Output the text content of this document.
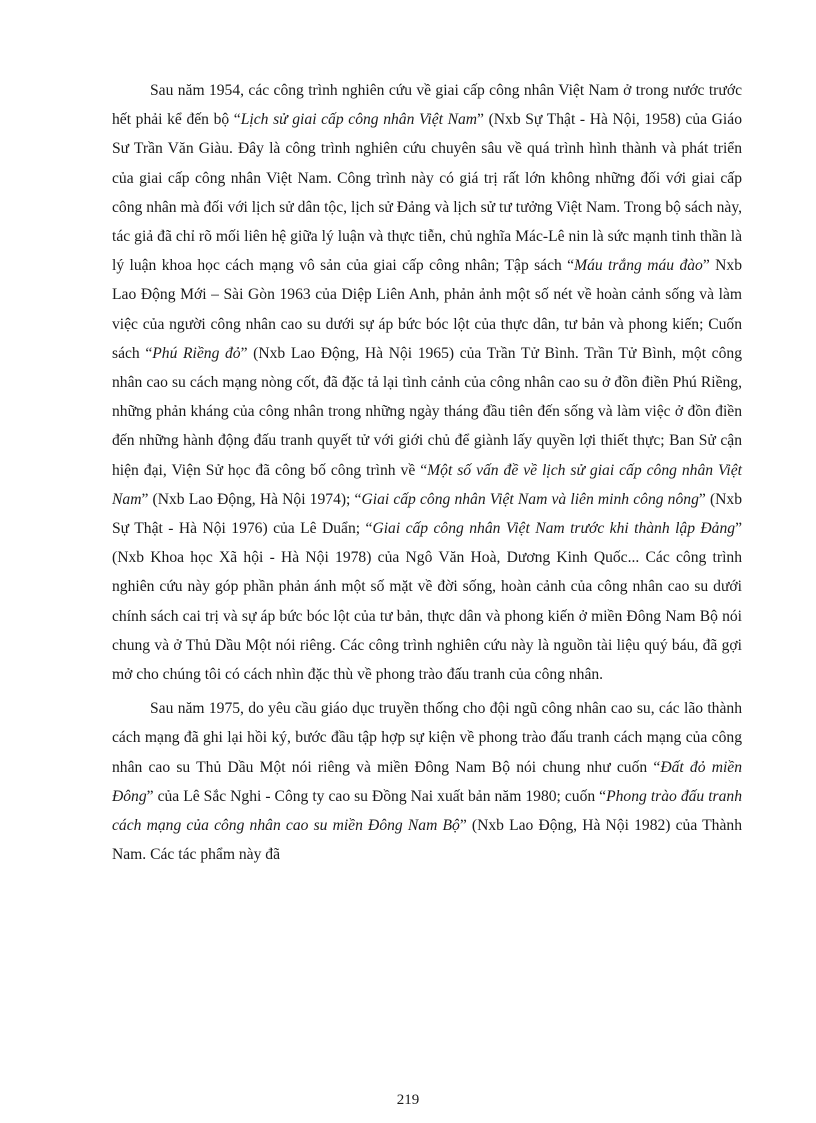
Sau năm 1954, các công trình nghiên cứu về giai cấp công nhân Việt Nam ở trong nước trước hết phải kể đến bộ “Lịch sử giai cấp công nhân Việt Nam” (Nxb Sự Thật - Hà Nội, 1958) của Giáo Sư Trần Văn Giàu. Đây là công trình nghiên cứu chuyên sâu về quá trình hình thành và phát triển của giai cấp công nhân Việt Nam. Công trình này có giá trị rất lớn không những đối với giai cấp công nhân mà đối với lịch sử dân tộc, lịch sử Đảng và lịch sử tư tưởng Việt Nam. Trong bộ sách này, tác giả đã chỉ rõ mối liên hệ giữa lý luận và thực tiễn, chủ nghĩa Mác-Lê nin là sức mạnh tinh thần là lý luận khoa học cách mạng vô sản của giai cấp công nhân; Tập sách “Máu trắng máu đào” Nxb Lao Động Mới – Sài Gòn 1963 của Diệp Liên Anh, phản ảnh một số nét về hoàn cảnh sống và làm việc của người công nhân cao su dưới sự áp bức bóc lột của thực dân, tư bản và phong kiến; Cuốn sách “Phú Riềng đỏ” (Nxb Lao Động, Hà Nội 1965) của Trần Tử Bình. Trần Tử Bình, một công nhân cao su cách mạng nòng cốt, đã đặc tả lại tình cảnh của công nhân cao su ở đồn điền Phú Riềng, những phản kháng của công nhân trong những ngày tháng đầu tiên đến sống và làm việc ở đồn điền đến những hành động đấu tranh quyết tử với giới chủ để giành lấy quyền lợi thiết thực; Ban Sử cận hiện đại, Viện Sử học đã công bố công trình về “Một số vấn đề về lịch sử giai cấp công nhân Việt Nam” (Nxb Lao Động, Hà Nội 1974); “Giai cấp công nhân Việt Nam và liên minh công nông” (Nxb Sự Thật - Hà Nội 1976) của Lê Duẩn; “Giai cấp công nhân Việt Nam trước khi thành lập Đảng” (Nxb Khoa học Xã hội - Hà Nội 1978) của Ngô Văn Hoà, Dương Kinh Quốc... Các công trình nghiên cứu này góp phần phản ánh một số mặt về đời sống, hoàn cảnh của công nhân cao su dưới chính sách cai trị và sự áp bức bóc lột của tư bản, thực dân và phong kiến ở miền Đông Nam Bộ nói chung và ở Thủ Dầu Một nói riêng. Các công trình nghiên cứu này là nguồn tài liệu quý báu, đã gợi mở cho chúng tôi có cách nhìn đặc thù về phong trào đấu tranh của công nhân.

Sau năm 1975, do yêu cầu giáo dục truyền thống cho đội ngũ công nhân cao su, các lão thành cách mạng đã ghi lại hồi ký, bước đầu tập hợp sự kiện về phong trào đấu tranh cách mạng của công nhân cao su Thủ Dầu Một nói riêng và miền Đông Nam Bộ nói chung như cuốn “Đất đỏ miền Đông” của Lê Sắc Nghi - Công ty cao su Đồng Nai xuất bản năm 1980; cuốn “Phong trào đấu tranh cách mạng của công nhân cao su miền Đông Nam Bộ” (Nxb Lao Động, Hà Nội 1982) của Thành Nam. Các tác phẩm này đã

219
